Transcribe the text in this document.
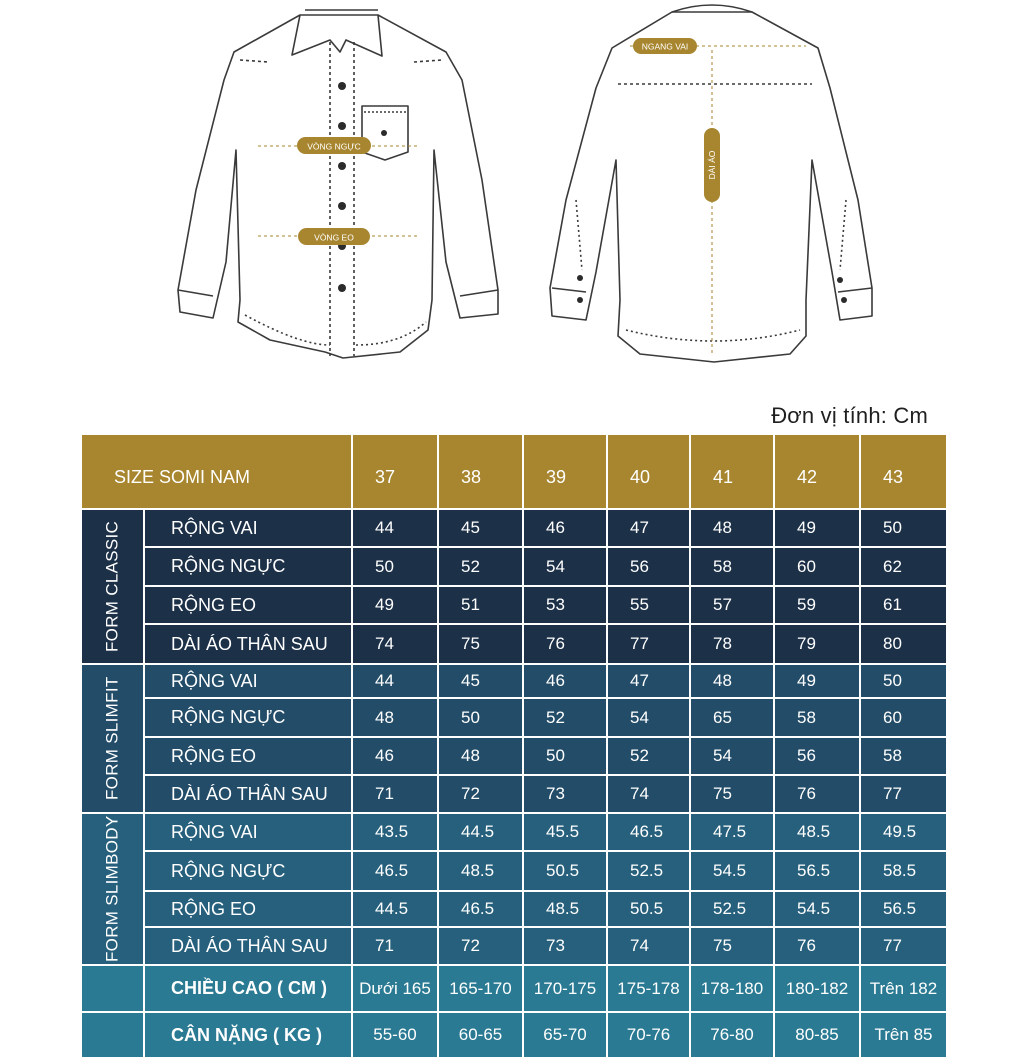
VÒNG NGỰC
VÒNG EO
NGANG VAI
DÀI ÁO
Đơn vị tính: Cm
SIZE SOMI NAM	37	38	39	40	41	42	43
FORM CLASSIC	RỘNG VAI	44	45	46	47	48	49	50
RỘNG NGỰC	50	52	54	56	58	60	62
RỘNG EO	49	51	53	55	57	59	61
DÀI ÁO THÂN SAU	74	75	76	77	78	79	80
FORM SLIMFIT	RỘNG VAI	44	45	46	47	48	49	50
RỘNG NGỰC	48	50	52	54	65	58	60
RỘNG EO	46	48	50	52	54	56	58
DÀI ÁO THÂN SAU	71	72	73	74	75	76	77
FORM SLIMBODY	RỘNG VAI	43.5	44.5	45.5	46.5	47.5	48.5	49.5
RỘNG NGỰC	46.5	48.5	50.5	52.5	54.5	56.5	58.5
RỘNG EO	44.5	46.5	48.5	50.5	52.5	54.5	56.5
DÀI ÁO THÂN SAU	71	72	73	74	75	76	77
CHIỀU CAO ( CM )	Dưới 165	165-170	170-175	175-178	178-180	180-182	Trên 182
CÂN NẶNG ( KG )	55-60	60-65	65-70	70-76	76-80	80-85	Trên 85
